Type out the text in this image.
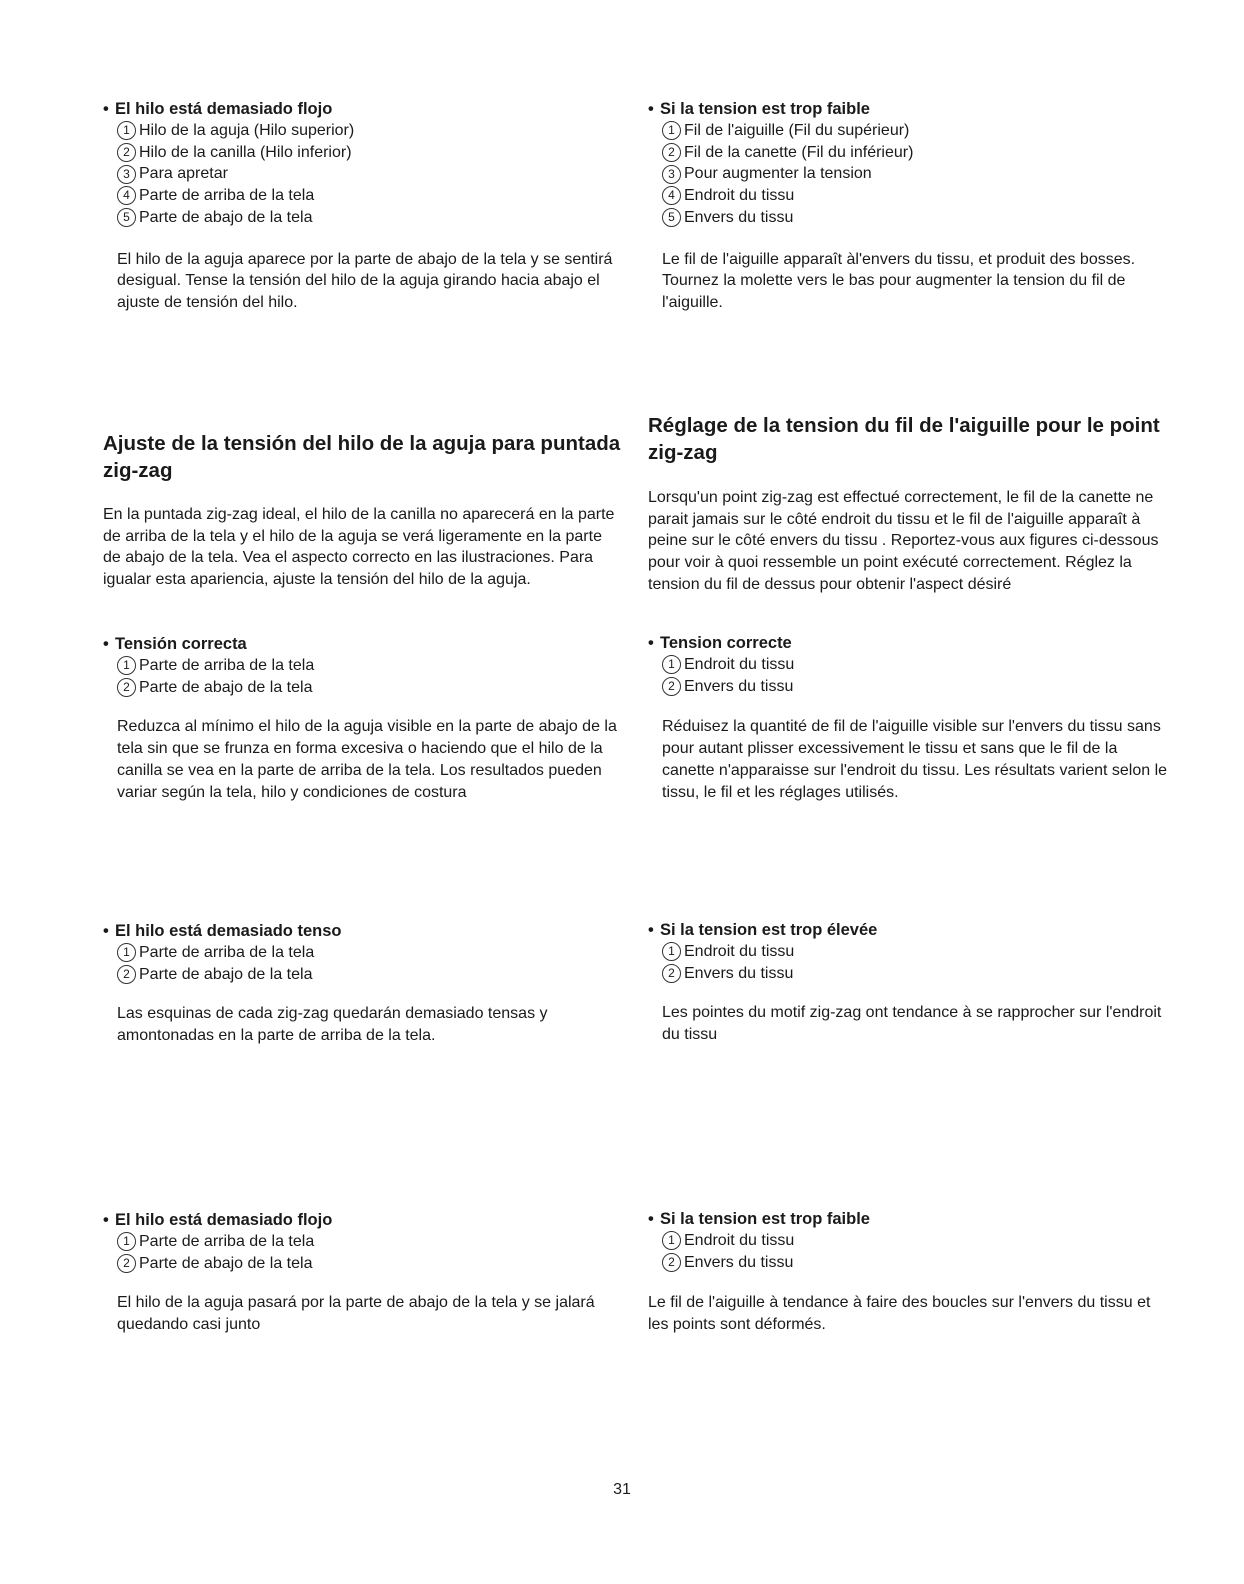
• El hilo está demasiado flojo

1 Hilo de la aguja (Hilo superior)
2 Hilo de la canilla (Hilo inferior)
3 Para apretar
4 Parte de arriba de la tela
5 Parte de abajo de la tela

El hilo de la aguja aparece por la parte de abajo de la tela y se sentirá desigual. Tense la tensión del hilo de la aguja girando hacia abajo el ajuste de tensión del hilo.

Ajuste de la tensión del hilo de la aguja para puntada zig-zag

En la puntada zig-zag ideal, el hilo de la canilla no aparecerá en la parte de arriba de la tela y el hilo de la aguja se verá ligeramente en la parte de abajo de la tela. Vea el aspecto correcto en las ilustraciones. Para igualar esta apariencia, ajuste la tensión del hilo de la aguja.

• Tensión correcta

1 Parte de arriba de la tela
2 Parte de abajo de la tela

Reduzca al mínimo el hilo de la aguja visible en la parte de abajo de la tela sin que se frunza en forma excesiva o haciendo que el hilo de la canilla se vea en la parte de arriba de la tela. Los resultados pueden variar según la tela, hilo y condiciones de costura

• El hilo está demasiado tenso

1 Parte de arriba de la tela
2 Parte de abajo de la tela

Las esquinas de cada zig-zag quedarán demasiado tensas y amontonadas en la parte de arriba de la tela.

• El hilo está demasiado flojo

1 Parte de arriba de la tela
2 Parte de abajo de la tela

El hilo de la aguja pasará por la parte de abajo de la tela y se jalará quedando casi junto

• Si la tension est trop faible

1 Fil de l'aiguille (Fil du supérieur)
2 Fil de la canette (Fil du inférieur)
3 Pour augmenter la tension
4 Endroit du tissu
5 Envers du tissu

Le fil de l'aiguille apparaît àl'envers du tissu, et produit des bosses. Tournez la molette vers le bas pour augmenter la tension du fil de l'aiguille.

Réglage de la tension du fil de l'aiguille pour le point zig-zag

Lorsqu'un point zig-zag est effectué correctement, le fil de la canette ne parait jamais sur le côté endroit du tissu et le fil de l'aiguille apparaît à peine sur le côté envers du tissu . Reportez-vous aux figures ci-dessous pour voir à quoi ressemble un point exécuté correctement. Réglez la tension du fil de dessus pour obtenir l'aspect désiré

• Tension correcte

1 Endroit du tissu
2 Envers du tissu

Réduisez la quantité de fil de l'aiguille visible sur l'envers du tissu sans pour autant plisser excessivement le tissu et sans que le fil de la canette n'apparaisse sur l'endroit du tissu. Les résultats varient selon le tissu, le fil et les réglages utilisés.

• Si la tension est trop élevée

1 Endroit du tissu
2 Envers du tissu

Les pointes du motif zig-zag ont tendance à se rapprocher sur l'endroit du tissu

• Si la tension est trop faible

1 Endroit du tissu
2 Envers du tissu

Le fil de l'aiguille à tendance à faire des boucles sur l'envers du tissu et les points sont déformés.

31
